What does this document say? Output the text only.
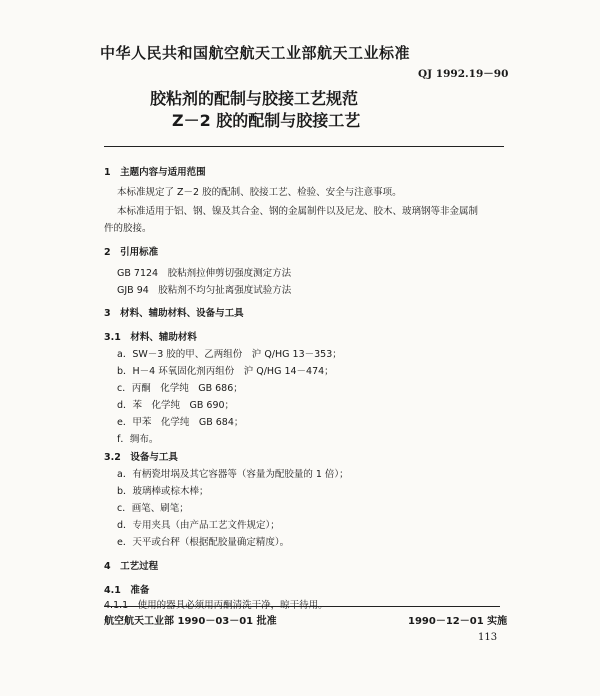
中华人民共和国航空航天工业部航天工业标准
QJ 1992.19－90
胶粘剂的配制与胶接工艺规范
Z－2 胶的配制与胶接工艺
1　主题内容与适用范围
本标准规定了 Z－2 胶的配制、胶接工艺、检验、安全与注意事项。
本标准适用于铝、钢、镍及其合金、钢的金属制件以及尼龙、胶木、玻璃钢等非金属制
件的胶接。
2　引用标准
GB 7124　胶粘剂拉伸剪切强度测定方法
GJB 94　胶粘剂不均匀扯离强度试验方法
3　材料、辅助材料、设备与工具
3.1　材料、辅助材料
a．SW－3 胶的甲、乙两组份　沪 Q/HG 13－353；
b．H－4 环氧固化剂丙组份　沪 Q/HG 14－474；
c．丙酮　化学纯　GB 686；
d．苯　化学纯　GB 690；
e．甲苯　化学纯　GB 684；
f．绸布。
3.2　设备与工具
a．有柄瓷坩埚及其它容器等（容量为配胶量的 1 倍）；
b．玻璃棒或棕木棒；
c．画笔、刷笔；
d．专用夹具（由产品工艺文件规定）；
e．天平或台秤（根据配胶量确定精度）。
4　工艺过程
4.1　准备
4.1.1　使用的器具必须用丙酮清洗干净，晾干待用。
航空航天工业部 1990－03－01 批准	1990－12－01 实施
113
